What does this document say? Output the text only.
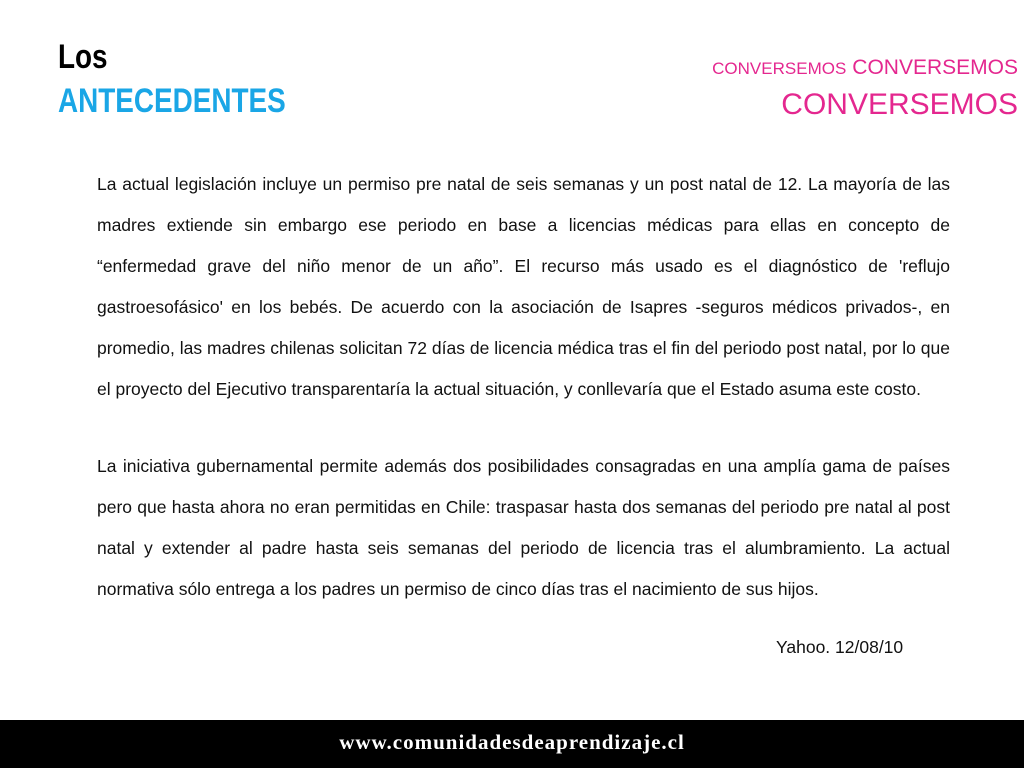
Los
ANTECEDENTES
CONVERSEMOS CONVERSEMOS
CONVERSEMOS

La actual legislación incluye un permiso pre natal de seis semanas y un post natal de 12. La mayoría de las madres extiende sin embargo ese periodo en base a licencias médicas para ellas en concepto de “enfermedad grave del niño menor de un año”. El recurso más usado es el diagnóstico de 'reflujo gastroesofásico' en los bebés. De acuerdo con la asociación de Isapres -seguros médicos privados-, en promedio, las madres chilenas solicitan 72 días de licencia médica tras el fin del periodo post natal, por lo que el proyecto del Ejecutivo transparentaría la actual situación, y conllevaría que el Estado asuma este costo.

La iniciativa gubernamental permite además dos posibilidades consagradas en una amplía gama de países pero que hasta ahora no eran permitidas en Chile: traspasar hasta dos semanas del periodo pre natal al post natal y extender al padre hasta seis semanas del periodo de licencia tras el alumbramiento. La actual normativa sólo entrega a los padres un permiso de cinco días tras el nacimiento de sus hijos.

Yahoo. 12/08/10
www.comunidadesdeaprendizaje.cl
